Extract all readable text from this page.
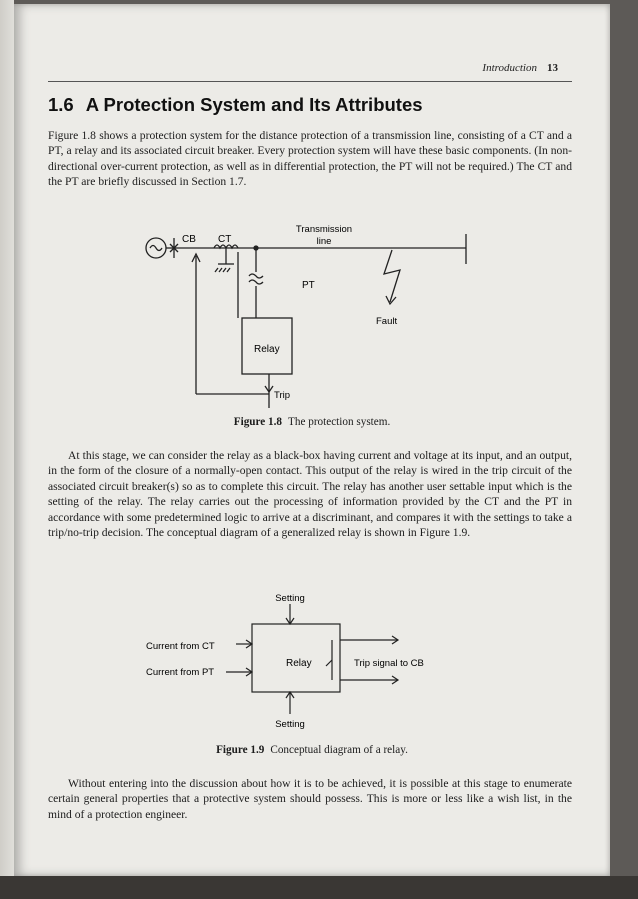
Introduction 13
1.6 A Protection System and Its Attributes
Figure 1.8 shows a protection system for the distance protection of a transmission line, consisting of a CT and a PT, a relay and its associated circuit breaker. Every protection system will have these basic components. (In non-directional over-current protection, as well as in differential protection, the PT will not be required.) The CT and the PT are briefly discussed in Section 1.7.
CB CT
Transmission
line
PT
Fault
Relay
Trip
Figure 1.8 The protection system.
At this stage, we can consider the relay as a black-box having current and voltage at its input, and an output, in the form of the closure of a normally-open contact. This output of the relay is wired in the trip circuit of the associated circuit breaker(s) so as to complete this circuit. The relay has another user settable input which is the setting of the relay. The relay carries out the processing of information provided by the CT and the PT in accordance with some predetermined logic to arrive at a discriminant, and compares it with the settings to take a trip/no-trip decision. The conceptual diagram of a generalized relay is shown in Figure 1.9.
Setting
Current from CT
Current from PT
Relay	Trip signal to CB
Setting
Figure 1.9 Conceptual diagram of a relay.
Without entering into the discussion about how it is to be achieved, it is possible at this stage to enumerate certain general properties that a protective system should possess. This is more or less like a wish list, in the mind of a protection engineer.
